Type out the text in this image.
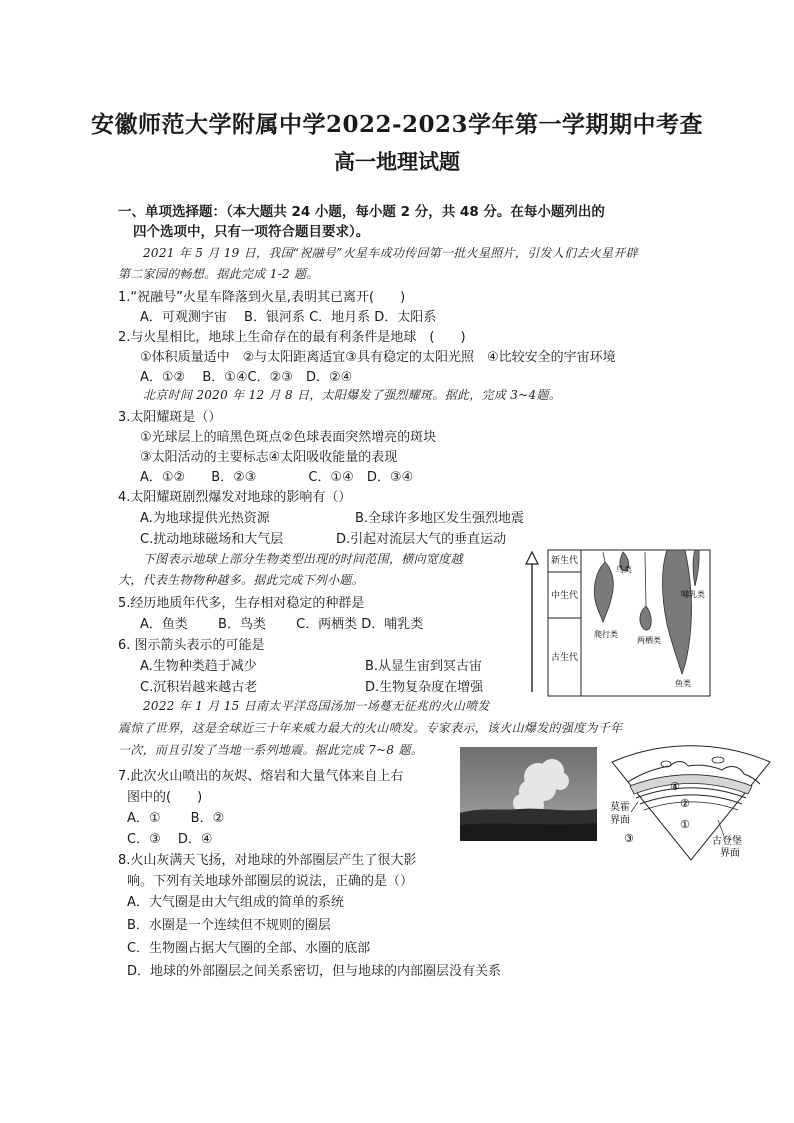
安徽师范大学附属中学2022-2023学年第一学期期中考查
高一地理试题
一、单项选择题：（本大题共 24 小题，每小题 2 分，共 48 分。在每小题列出的
四个选项中，只有一项符合题目要求）。
2021 年 5 月 19 日，我国“祝融号”火星车成功传回第一批火星照片，引发人们去火星开辟
第二家园的畅想。据此完成 1-2 题。
1.“祝融号”火星车降落到火星,表明其已离开(　　)
A．可观测宇宙　 B．银河系 C．地月系 D．太阳系
2.与火星相比，地球上生命存在的最有利条件是地球　(　　)
①体积质量适中　②与太阳距离适宜③具有稳定的太阳光照　④比较安全的宇宙环境
A．①②　 B．①④C．②③　D．②④
北京时间 2020 年 12 月 8 日，太阳爆发了强烈耀斑。据此，完成 3~4题。
3.太阳耀斑是（）
①光球层上的暗黑色斑点②色球表面突然增亮的斑块
③太阳活动的主要标志④太阳吸收能量的表现
A．①②　　B．②③　　　　C．①④　D．③④
4.太阳耀斑剧烈爆发对地球的影响有（）
A.为地球提供光热资源	B.全球许多地区发生强烈地震
C.扰动地球磁场和大气层	D.引起对流层大气的垂直运动
下图表示地球上部分生物类型出现的时间范围，横向宽度越
大，代表生物物种越多。据此完成下列小题。
5.经历地质年代多，生存相对稳定的种群是
A．鱼类　　 B．鸟类　　 C．两栖类 D．哺乳类
6. 图示箭头表示的可能是
A.生物种类趋于减少	B.从显生宙到冥古宙
C.沉积岩越来越古老	D.生物复杂度在增强
新生代
中生代
古生代
爬行类
鸟类
两栖类
鱼类
哺乳类
2022 年 1 月 15 日南太平洋岛国汤加一场蔓无征兆的火山喷发
震惊了世界，这是全球近三十年来威力最大的火山喷发。专家表示，该火山爆发的强度为千年
一次，而且引发了当地一系列地震。据此完成 7~8 题。
④
②
①
③
莫霍
界面
古登堡
界面
7.此次火山喷出的灰烬、熔岩和大量气体来自上右
图中的(　　)
A．①　　 B．②
C．③　 D．④
8.火山灰满天飞扬，对地球的外部圈层产生了很大影
响。下列有关地球外部圈层的说法，正确的是（）
A．大气圈是由大气组成的简单的系统
B．水圈是一个连续但不规则的圈层
C．生物圈占据大气圈的全部、水圈的底部
D．地球的外部圈层之间关系密切，但与地球的内部圈层没有关系
